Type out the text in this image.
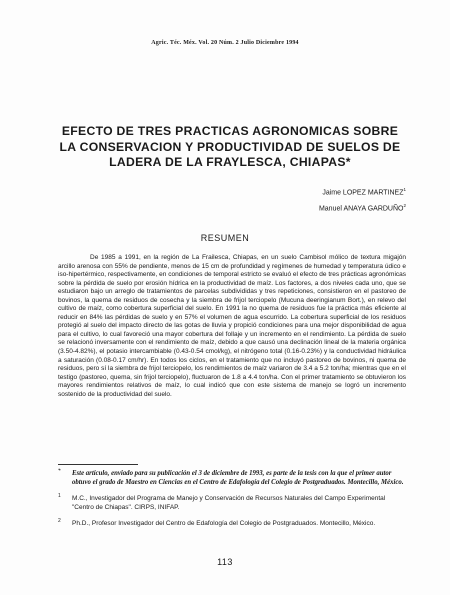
Agric. Téc. Méx. Vol. 20 Núm. 2 Julio Diciembre 1994
EFECTO DE TRES PRACTICAS AGRONOMICAS SOBRE
LA CONSERVACION Y PRODUCTIVIDAD DE SUELOS DE
LADERA DE LA FRAYLESCA, CHIAPAS*
Jaime LOPEZ MARTINEZ$^1$
Manuel ANAYA GARDUÑO$^2$
RESUMEN

De 1985 a 1991, en la región de La Frailesca, Chiapas, en un suelo Cambisol mólico de textura migajón arcillo arenosa con 55% de pendiente, menos de 15 cm de profundidad y regímenes de humedad y temperatura údico e iso-hipertérmico, respectivamente, en condiciones de temporal estricto se evaluó el efecto de tres prácticas agronómicas sobre la pérdida de suelo por erosión hídrica en la productividad de maíz. Los factores, a dos niveles cada uno, que se estudiaron bajo un arreglo de tratamientos de parcelas subdivididas y tres repeticiones, consistieron en el pastoreo de bovinos, la quema de residuos de cosecha y la siembra de frijol terciopelo (Mucuna deeringianum Bort.), en relevo del cultivo de maíz, como cobertura superficial del suelo. En 1991 la no quema de residuos fue la práctica más eficiente al reducir en 84% las pérdidas de suelo y en 57% el volumen de agua escurrido. La cobertura superficial de los residuos protegió al suelo del impacto directo de las gotas de lluvia y propició condiciones para una mejor disponibilidad de agua para el cultivo, lo cual favoreció una mayor cobertura del follaje y un incremento en el rendimiento. La pérdida de suelo se relacionó inversamente con el rendimiento de maíz, debido a que causó una declinación lineal de la materia orgánica (3.50-4.82%), el potasio intercambiable (0.43-0.54 cmol/kg), el nitrógeno total (0.16-0.23%) y la conductividad hidráulica a saturación (0.08-0.17 cm/hr). En todos los ciclos, en el tratamiento que no incluyó pastoreo de bovinos, ni quema de residuos, pero sí la siembra de frijol terciopelo, los rendimientos de maíz variaron de 3.4 a 5.2 ton/ha; mientras que en el testigo (pastoreo, quema, sin frijol terciopelo), fluctuaron de 1.8 a 4.4 ton/ha. Con el primer tratamiento se obtuvieron los mayores rendimientos relativos de maíz, lo cual indicó que con este sistema de manejo se logró un incremento sostenido de la productividad del suelo.

* Este artículo, enviado para su publicación el 3 de diciembre de 1993, es parte de la tesis con la que el primer autor obtuvo el grado de Maestro en Ciencias en el Centro de Edafología del Colegio de Postgraduados. Montecillo, México.
1 M.C., Investigador del Programa de Manejo y Conservación de Recursos Naturales del Campo Experimental "Centro de Chiapas". CIRPS, INIFAP.
2 Ph.D., Profesor Investigador del Centro de Edafología del Colegio de Postgraduados. Montecillo, México.
113
